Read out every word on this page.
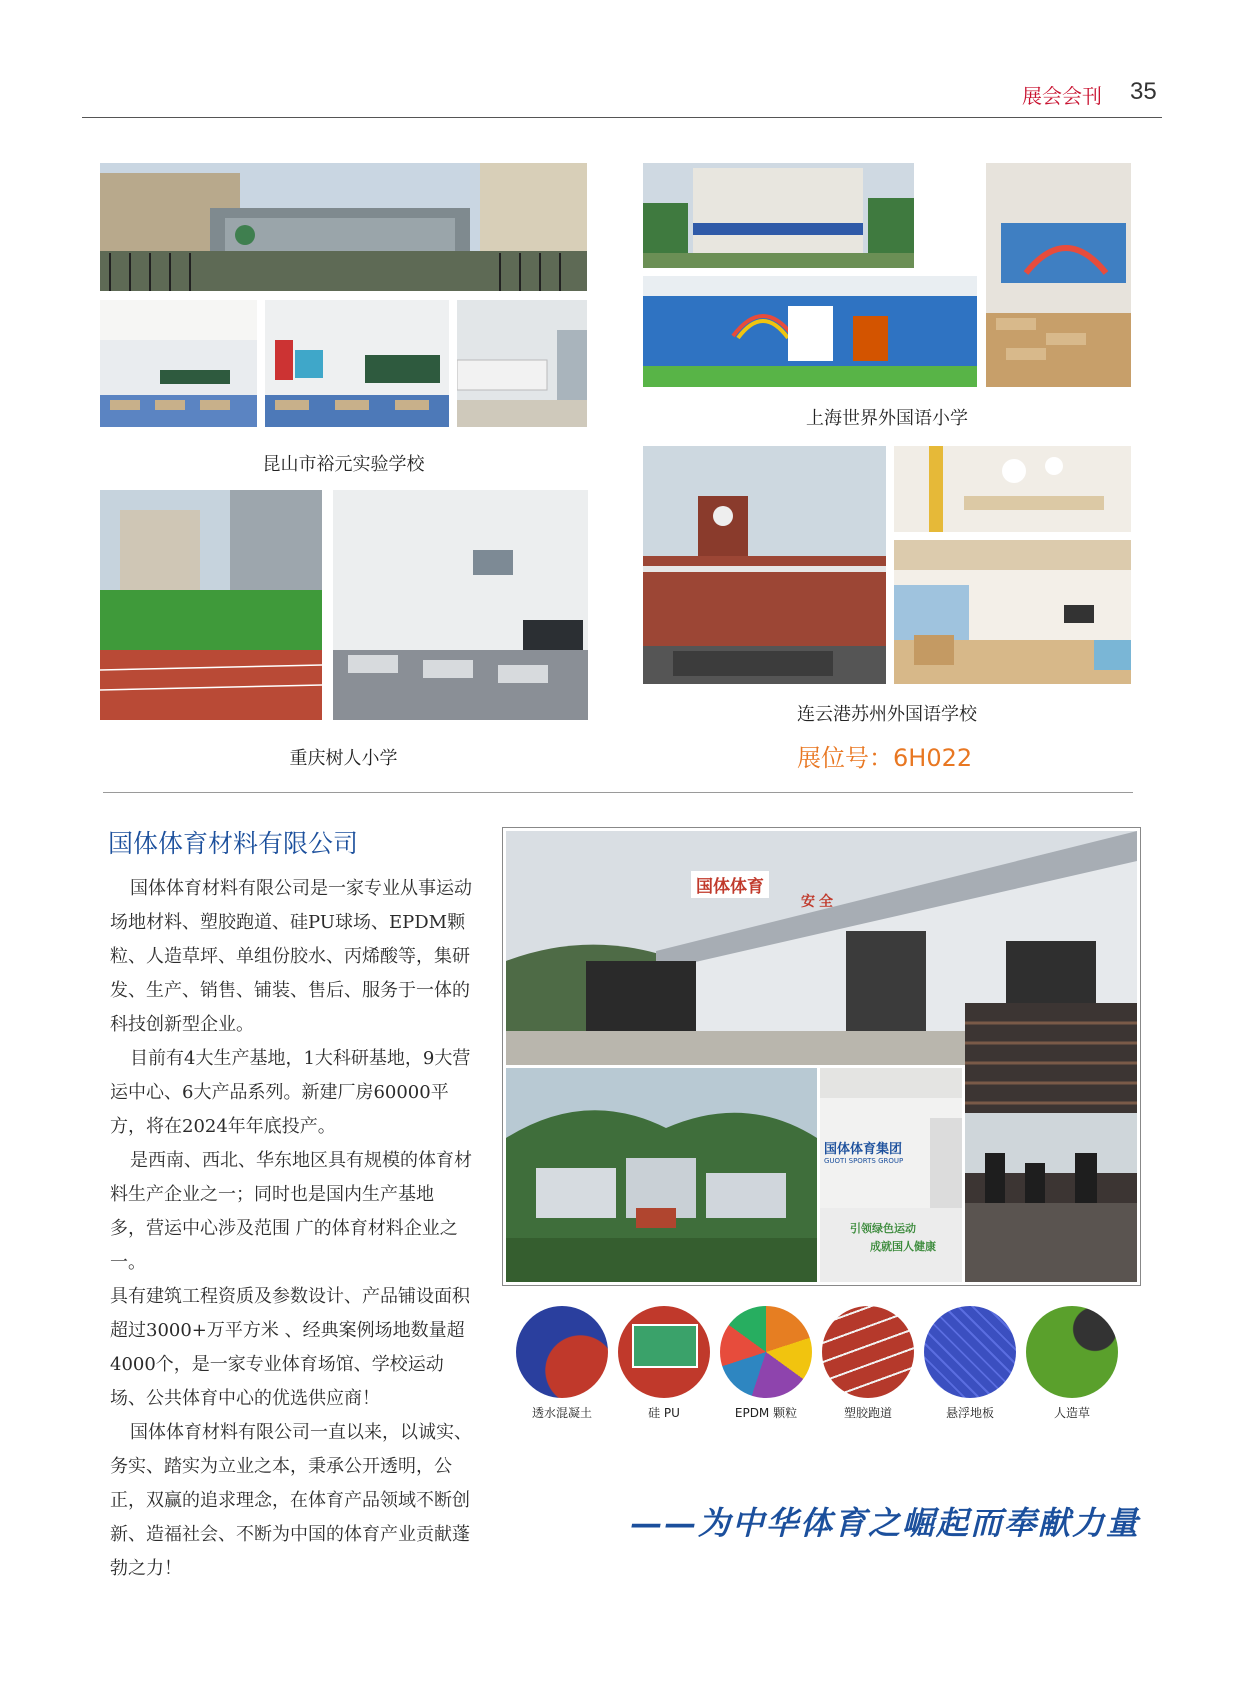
展会会刊 35
昆山市裕元实验学校
上海世界外国语小学
重庆树人小学
连云港苏州外国语学校
展位号：6H022
国体体育材料有限公司

国体体育材料有限公司是一家专业从事运动场地材料、塑胶跑道、硅PU球场、EPDM颗粒、人造草坪、单组份胶水、丙烯酸等，集研发、生产、销售、铺装、售后、服务于一体的科技创新型企业。

目前有4大生产基地，1大科研基地，9大营运中心、6大产品系列。新建厂房60000平方，将在2024年年底投产。

是西南、西北、华东地区具有规模的体育材料生产企业之一；同时也是国内生产基地 多，营运中心涉及范围 广的体育材料企业之一。

具有建筑工程资质及参数设计、产品铺设面积超过3000+万平方米 、经典案例场地数量超4000个，是一家专业体育场馆、学校运动场、公共体育中心的优选供应商！

国体体育材料有限公司一直以来，以诚实、务实、踏实为立业之本，秉承公开透明，公正，双赢的追求理念，在体育产品领域不断创新、造福社会、不断为中国的体育产业贡献蓬勃之力！

国体体育
安全
国体体育集团
GUOTI SPORTS GROUP
引领绿色运动
成就国人健康
透水混凝土	硅 PU	EPDM 颗粒	塑胶跑道	悬浮地板	人造草
——为中华体育之崛起而奉献力量
